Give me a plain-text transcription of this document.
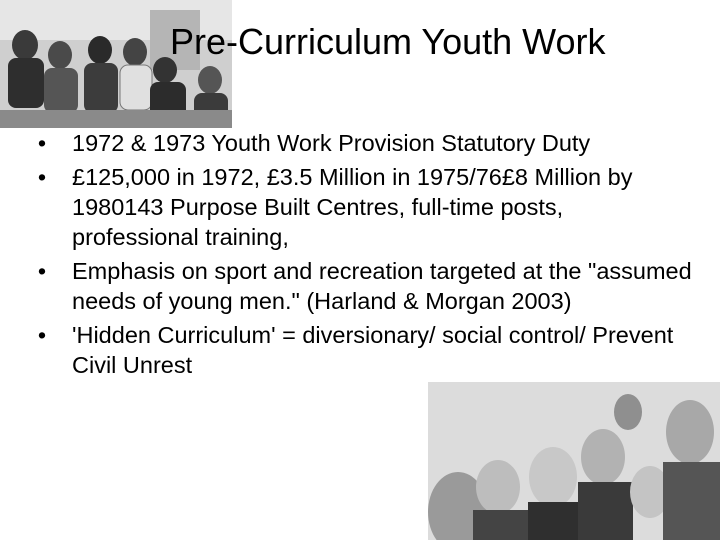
Pre-Curriculum Youth Work
• 1972 & 1973 Youth Work Provision Statutory Duty
• £125,000 in 1972, £3.5 Million in 1975/76£8 Million by 1980143 Purpose Built Centres, full-time posts, professional training,
• Emphasis on sport and recreation targeted at the "assumed needs of young men." (Harland & Morgan 2003)
• 'Hidden Curriculum' = diversionary/ social control/ Prevent Civil Unrest
